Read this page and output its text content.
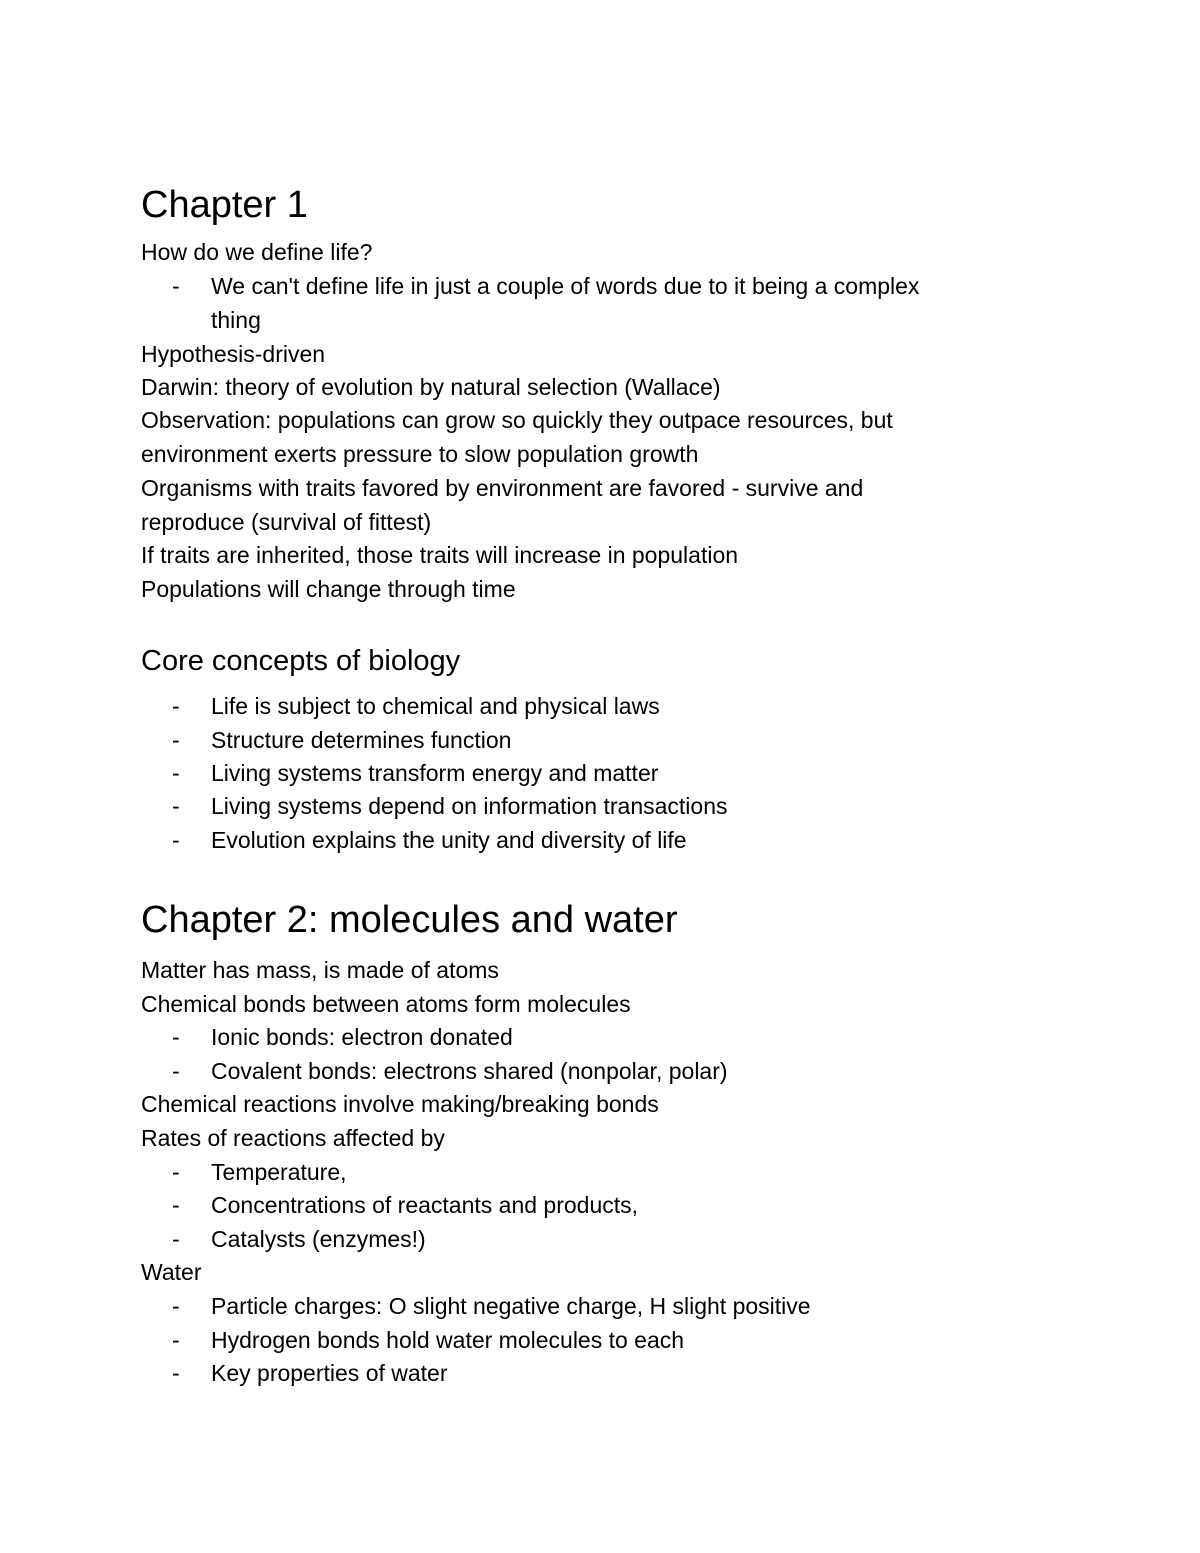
Chapter 1
How do we define life?
- We can't define life in just a couple of words due to it being a complex
thing
Hypothesis-driven
Darwin: theory of evolution by natural selection (Wallace)
Observation: populations can grow so quickly they outpace resources, but
environment exerts pressure to slow population growth
Organisms with traits favored by environment are favored - survive and
reproduce (survival of fittest)
If traits are inherited, those traits will increase in population
Populations will change through time
Core concepts of biology
- Life is subject to chemical and physical laws
- Structure determines function
- Living systems transform energy and matter
- Living systems depend on information transactions
- Evolution explains the unity and diversity of life
Chapter 2: molecules and water
Matter has mass, is made of atoms
Chemical bonds between atoms form molecules
- Ionic bonds: electron donated
- Covalent bonds: electrons shared (nonpolar, polar)
Chemical reactions involve making/breaking bonds
Rates of reactions affected by
- Temperature,
- Concentrations of reactants and products,
- Catalysts (enzymes!)
Water
- Particle charges: O slight negative charge, H slight positive
- Hydrogen bonds hold water molecules to each
- Key properties of water
